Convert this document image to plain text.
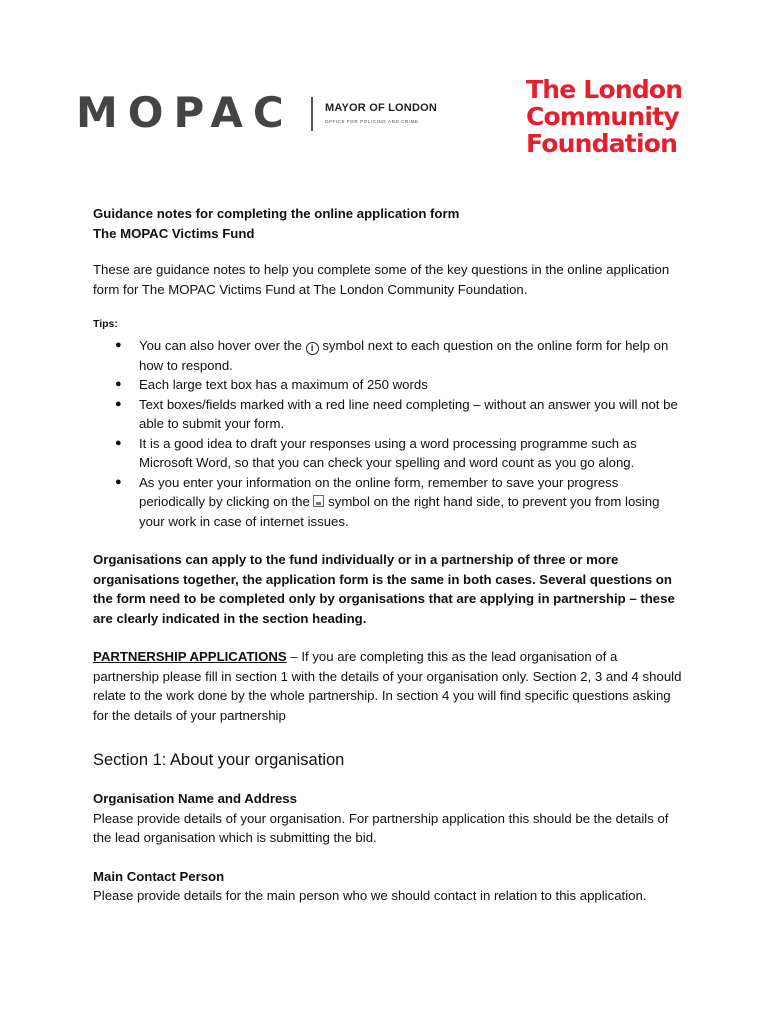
MOPAC	MAYOR OF LONDON
OFFICE FOR POLICING AND CRIME
The London
Community
Foundation

Guidance notes for completing the online application form

The MOPAC Victims Fund

These are guidance notes to help you complete some of the key questions in the online application form for The MOPAC Victims Fund at The London Community Foundation.

Tips:

● You can also hover over the i symbol next to each question on the online form for help on how to respond.
● Each large text box has a maximum of 250 words
● Text boxes/fields marked with a red line need completing – without an answer you will not be able to submit your form.
● It is a good idea to draft your responses using a word processing programme such as Microsoft Word, so that you can check your spelling and word count as you go along.
● As you enter your information on the online form, remember to save your progress periodically by clicking on the  symbol on the right hand side, to prevent you from losing your work in case of internet issues.

Organisations can apply to the fund individually or in a partnership of three or more organisations together, the application form is the same in both cases. Several questions on the form need to be completed only by organisations that are applying in partnership – these are clearly indicated in the section heading.

PARTNERSHIP APPLICATIONS – If you are completing this as the lead organisation of a partnership please fill in section 1 with the details of your organisation only. Section 2, 3 and 4 should relate to the work done by the whole partnership. In section 4 you will find specific questions asking for the details of your partnership

Section 1: About your organisation

Organisation Name and Address

Please provide details of your organisation. For partnership application this should be the details of the lead organisation which is submitting the bid.

Main Contact Person

Please provide details for the main person who we should contact in relation to this application.
